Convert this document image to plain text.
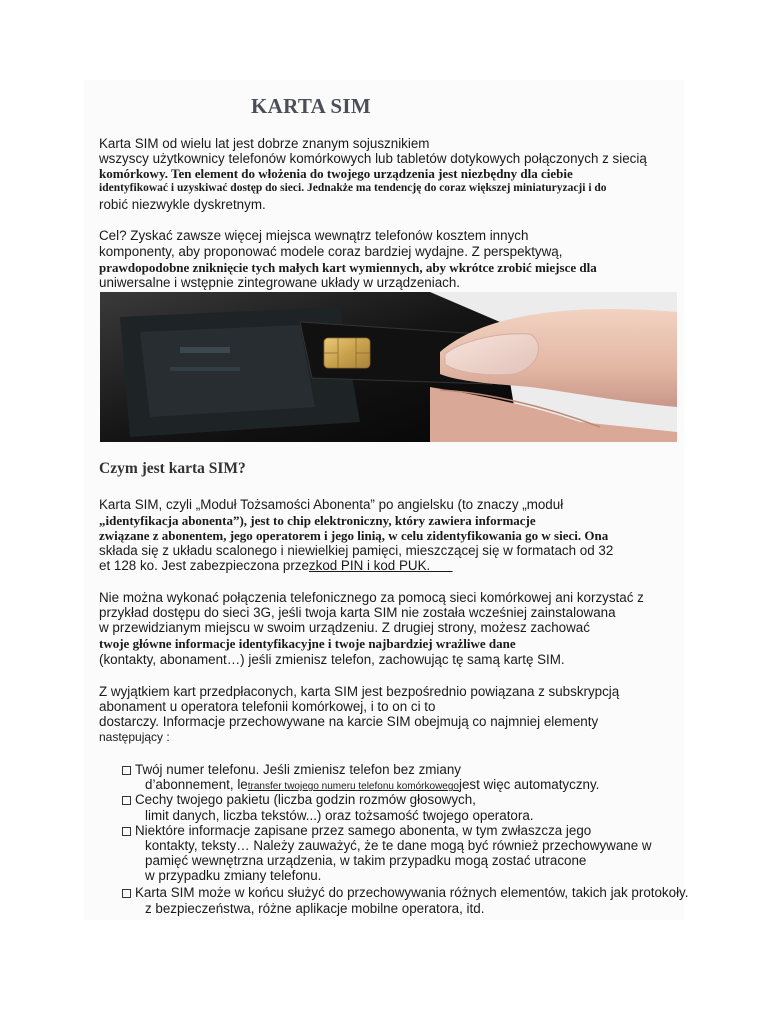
KARTA SIM
Karta SIM od wielu lat jest dobrze znanym sojusznikiem
wszyscy użytkownicy telefonów komórkowych lub tabletów dotykowych połączonych z siecią
komórkowy. Ten element do włożenia do twojego urządzenia jest niezbędny dla ciebie
identyfikować i uzyskiwać dostęp do sieci. Jednakże ma tendencję do coraz większej miniaturyzacji i do
robić niezwykle dyskretnym.
Cel? Zyskać zawsze więcej miejsca wewnątrz telefonów kosztem innych
komponenty, aby proponować modele coraz bardziej wydajne. Z perspektywą,
prawdopodobne zniknięcie tych małych kart wymiennych, aby wkrótce zrobić miejsce dla
uniwersalne i wstępnie zintegrowane układy w urządzeniach.
Czym jest karta SIM?
Karta SIM, czyli „Moduł Tożsamości Abonenta” po angielsku (to znaczy „moduł
„identyfikacja abonenta”), jest to chip elektroniczny, który zawiera informacje
związane z abonentem, jego operatorem i jego linią, w celu zidentyfikowania go w sieci. Ona
składa się z układu scalonego i niewielkiej pamięci, mieszczącej się w formatach od 32
et 128 ko. Jest zabezpieczona przezkod PIN i kod PUK.
Nie można wykonać połączenia telefonicznego za pomocą sieci komórkowej ani korzystać z
przykład dostępu do sieci 3G, jeśli twoja karta SIM nie została wcześniej zainstalowana
w przewidzianym miejscu w swoim urządzeniu. Z drugiej strony, możesz zachować
twoje główne informacje identyfikacyjne i twoje najbardziej wrażliwe dane
(kontakty, abonament…) jeśli zmienisz telefon, zachowując tę samą kartę SIM.
Z wyjątkiem kart przedpłaconych, karta SIM jest bezpośrednio powiązana z subskrypcją
abonament u operatora telefonii komórkowej, i to on ci to
dostarczy. Informacje przechowywane na karcie SIM obejmują co najmniej elementy
następujący :
Twój numer telefonu. Jeśli zmienisz telefon bez zmiany
d’abonnement, letransfer twojego numeru telefonu komórkowegojest więc automatyczny.
Cechy twojego pakietu (liczba godzin rozmów głosowych,
limit danych, liczba tekstów...) oraz tożsamość twojego operatora.
Niektóre informacje zapisane przez samego abonenta, w tym zwłaszcza jego
kontakty, teksty… Należy zauważyć, że te dane mogą być również przechowywane w
pamięć wewnętrzna urządzenia, w takim przypadku mogą zostać utracone
w przypadku zmiany telefonu.
Karta SIM może w końcu służyć do przechowywania różnych elementów, takich jak protokoły.
z bezpieczeństwa, różne aplikacje mobilne operatora, itd.
